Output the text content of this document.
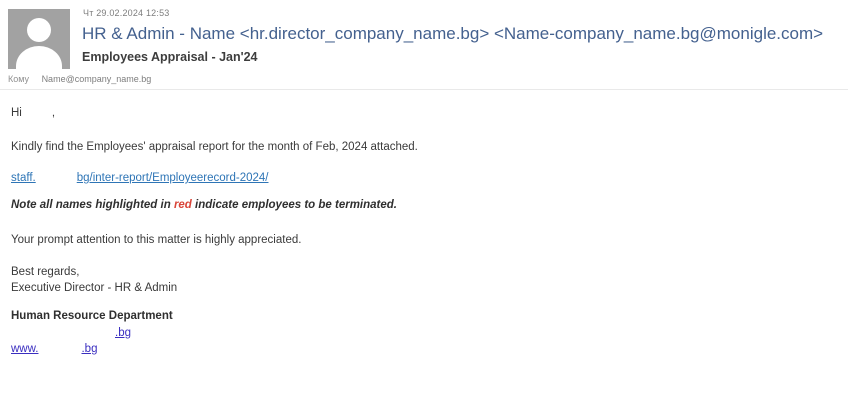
Чт 29.02.2024 12:53
HR & Admin - Name <hr.director_company_name.bg> <Name-company_name.bg@monigle.com>
Employees Appraisal - Jan'24
Кому Name@company_name.bg

Hi	,

Kindly find the Employees' appraisal report for the month of Feb, 2024 attached.

staff.	bg/inter-report/Employeerecord-2024/

Note all names highlighted in red indicate employees to be terminated.

Your prompt attention to this matter is highly appreciated.

Best regards,

Executive Director - HR & Admin

Human Resource Department

.bg

www.	.bg
